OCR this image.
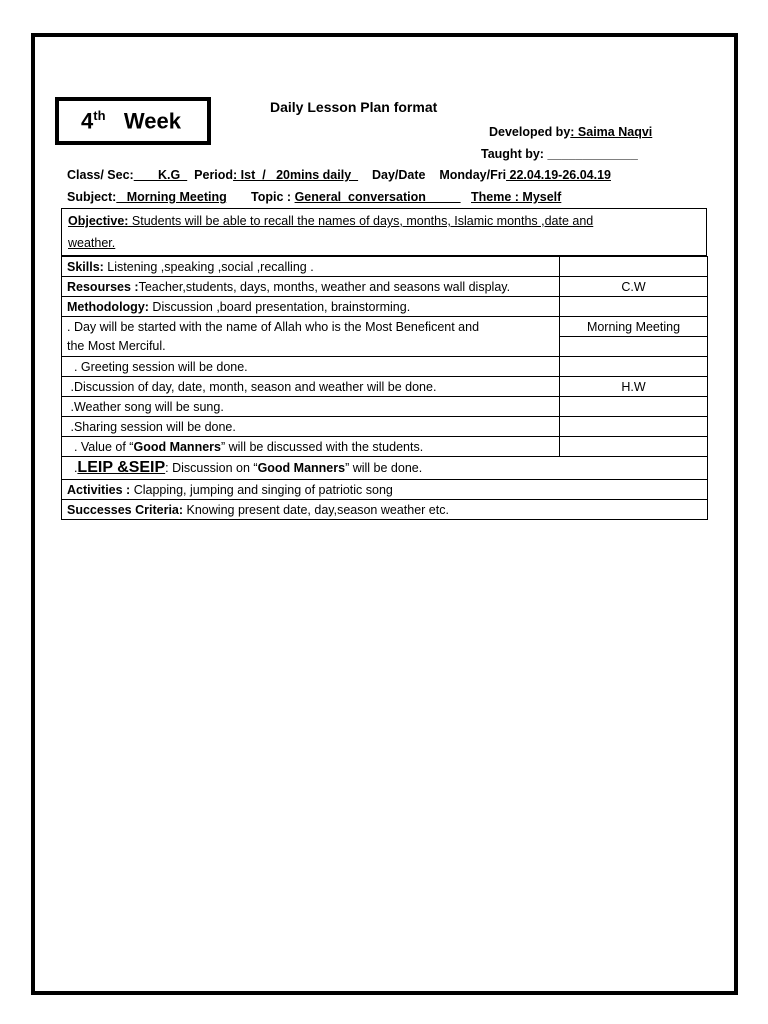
4th Week
Daily Lesson Plan format
Developed by: Saima Naqvi
Taught by: _____________
Class/ Sec:       K.G    Period: Ist  /   20mins daily      Day/Date    Monday/Fri 22.04.19-26.04.19
Subject:   Morning Meeting       Topic : General  conversation             Theme : Myself
Objective: Students will be able to recall the names of days, months, Islamic months ,date and
weather.
Skills: Listening ,speaking ,social ,recalling .	
Resourses :Teacher,students, days, months, weather and seasons wall display.	C.W
Methodology: Discussion ,board presentation, brainstorming.	
. Day will be started with the name of Allah who is the Most Beneficent and	Morning Meeting
the Most Merciful.	
. Greeting session will be done.	
.Discussion of day, date, month, season and weather will be done.	H.W
.Weather song will be sung.	
.Sharing session will be done.	
. Value of “Good Manners” will be discussed with the students.	
.LEIP &SEIP: Discussion on “Good Manners” will be done.	
Activities : Clapping, jumping and singing of patriotic song	
Successes Criteria: Knowing present date, day,season weather etc.	
